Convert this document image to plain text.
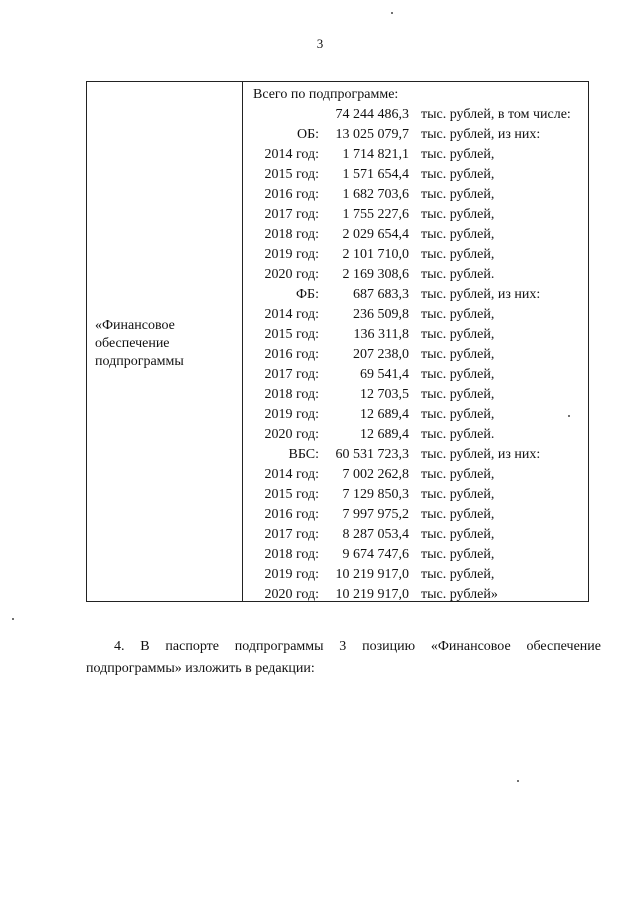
3
«Финансовое
обеспечение
подпрограммы
Всего по подпрограмме:
74 244 486,3 тыс. рублей, в том числе:
ОБ:	13 025 079,7 тыс. рублей, из них:
2014 год:	1 714 821,1 тыс. рублей,
2015 год:	1 571 654,4 тыс. рублей,
2016 год:	1 682 703,6 тыс. рублей,
2017 год:	1 755 227,6 тыс. рублей,
2018 год:	2 029 654,4 тыс. рублей,
2019 год:	2 101 710,0 тыс. рублей,
2020 год:	2 169 308,6 тыс. рублей.
ФБ:	687 683,3 тыс. рублей, из них:
2014 год:	236 509,8 тыс. рублей,
2015 год:	136 311,8 тыс. рублей,
2016 год:	207 238,0 тыс. рублей,
2017 год:	69 541,4 тыс. рублей,
2018 год:	12 703,5 тыс. рублей,
2019 год:	12 689,4 тыс. рублей,
2020 год:	12 689,4 тыс. рублей.
ВБС:	60 531 723,3 тыс. рублей, из них:
2014 год:	7 002 262,8 тыс. рублей,
2015 год:	7 129 850,3 тыс. рублей,
2016 год:	7 997 975,2 тыс. рублей,
2017 год:	8 287 053,4 тыс. рублей,
2018 год:	9 674 747,6 тыс. рублей,
2019 год:	10 219 917,0 тыс. рублей,
2020 год:	10 219 917,0 тыс. рублей»

4. В паспорте подпрограммы 3 позицию «Финансовое обеспечение подпрограммы» изложить в редакции:
